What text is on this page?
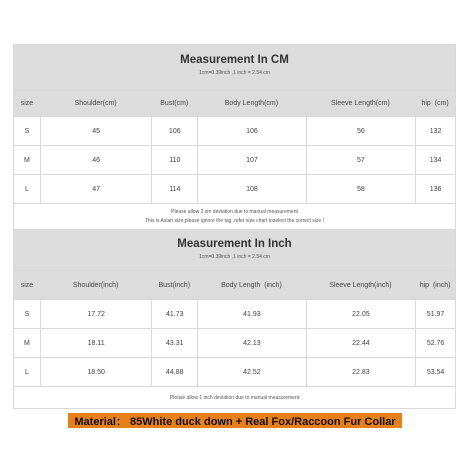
Measurement In CM
1cm=0.39inch ,1 inch = 2.54 cm
size	Shoulder(cm)	Bust(cm)	Body Length(cm)	Sleeve Length(cm)	hip  (cm)
S	45	106	106	56	132
M	46	110	107	57	134
L	47	114	108	58	136
Please allow 2 cm deviation due to manual measurement
This is Asian size,please ignore the tag ,refer size chart toselect the correct size !
Measurement In Inch
1cm=0.39inch ,1 inch = 2.54 cm
size	Shoulder(inch)	Bust(inch)	Body Length  (inch)	Sleeve Length(inch)	hip  (inch)
S	17.72	41.73	41.93	22.05	51.97
M	18.11	43.31	42.13	22.44	52.76
L	18.50	44.88	42.52	22.83	53.54
Please allow 1 inch deviation due to manual measurement
Material： 85White duck down + Real Fox/Raccoon Fur Collar
